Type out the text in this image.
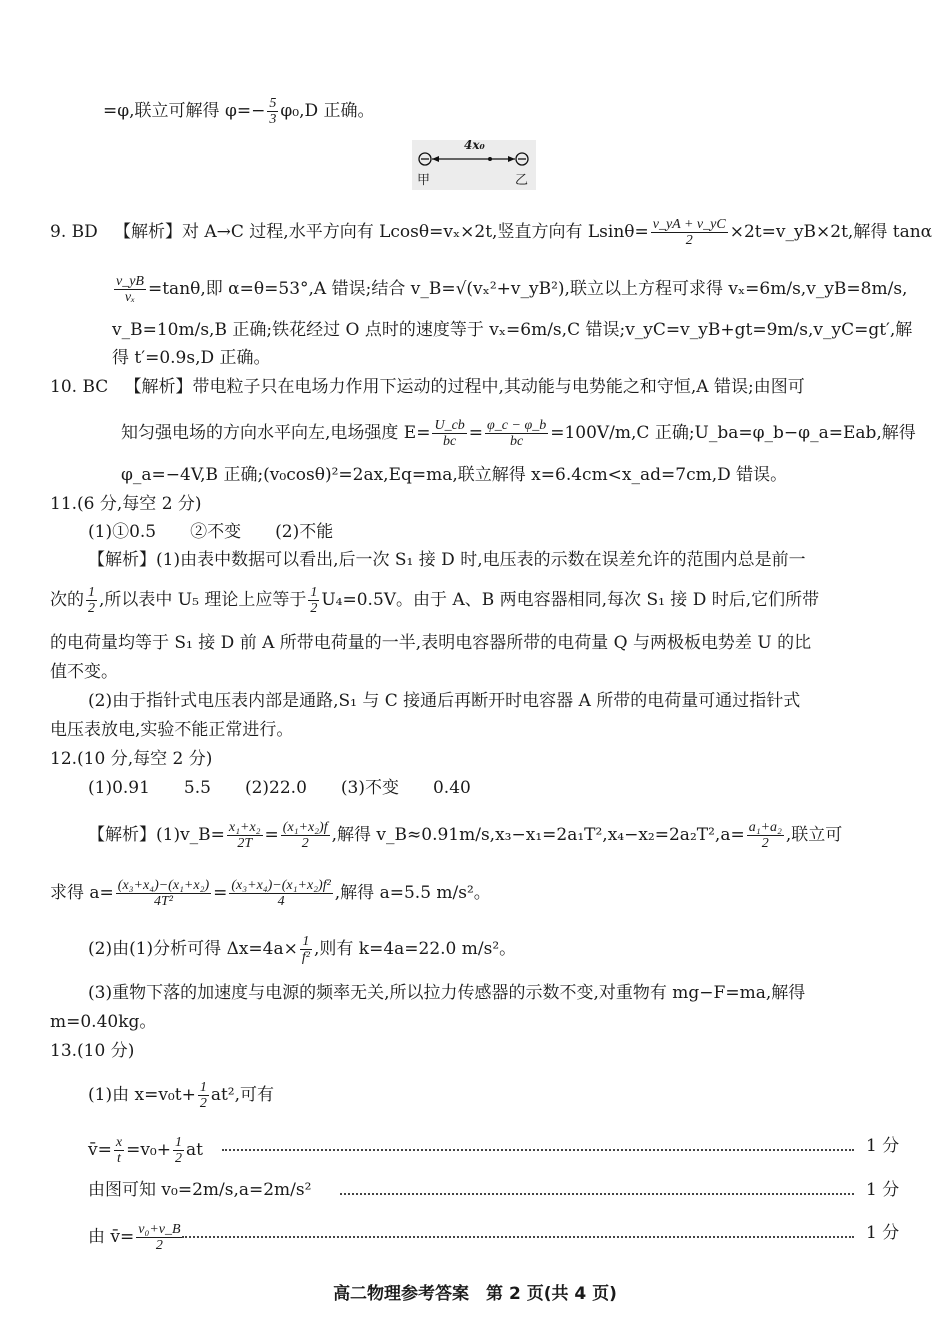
=φ,联立可解得 $\varphi=- \frac{5}{3} \varphi_0,D$ 正确。
4x₀
甲	乙
9. BD 【解析】对 A→C 过程,水平方向有 Lcosθ=vₓ×2t,竖直方向有 $Lsin\theta= \frac{v\_yA + v\_yC}{2}$ ×2t=v_yB×2t,解得 tanα
$\frac{v\_yB}{\text{vₓ}} =\tan\theta$,即 α=θ=53°,A 错误;结合 v_B=√(vₓ²+v_yB²),联立以上方程可求得 vₓ=6m/s,v_yB=8m/s,
v_B=10m/s,B 正确;铁花经过 O 点时的速度等于 vₓ=6m/s,C 错误;v_yC=v_yB+gt=9m/s,v_yC=gt′,解
得 t′=0.9s,D 正确。
10. BC 【解析】带电粒子只在电场力作用下运动的过程中,其动能与电势能之和守恒,A 错误;由图可
知匀强电场的方向水平向左,电场强度 $E= \frac{U\_cb}{bc} = \frac{\varphi\_c - \varphi\_b}{bc} =100V/m,C$ 正确;U_ba=φ_b−φ_a=Eab,解得
φ_a=−4V,B 正确;(v₀cosθ)²=2ax,Eq=ma,联立解得 x=6.4cm<x_ad=7cm,D 错误。
11.(6 分,每空 2 分)
(1)①0.5　　②不变　　(2)不能
【解析】(1)由表中数据可以看出,后一次 S₁ 接 D 时,电压表的示数在误差允许的范围内总是前一
次的 $\frac{1}{2}$ ,所以表中 U₅ 理论上应等于 $\frac{1}{2} U_4=0.5V$。由于 A、B 两电容器相同,每次 S₁ 接 D 时后,它们所带
的电荷量均等于 S₁ 接 D 前 A 所带电荷量的一半,表明电容器所带的电荷量 Q 与两极板电势差 U 的比
值不变。
(2)由于指针式电压表内部是通路,S₁ 与 C 接通后再断开时电容器 A 所带的电荷量可通过指针式
电压表放电,实验不能正常进行。
12.(10 分,每空 2 分)
(1)0.91　　5.5　　(2)22.0　　(3)不变　　0.40
【解析】(1)v_B= $\frac{\text{x₁+x₂}}{2T} = \frac{\text{(x₁+x₂)f}}{2}$ ,解得 v_B≈0.91m/s,x₃−x₁=2a₁T²,x₄−x₂=2a₂T²,a= $\frac{\text{a₁+a₂}}{2}$ ,联立可
求得 $a= \frac{\text{(x₃+x₄)−(x₁+x₂)}}{\text{4T²}} = \frac{\text{(x₃+x₄)−(x₁+x₂)f²}}{4}$ ,解得 a=5.5 m/s²。
(2)由(1)分析可得 $\Delta x=4a\times \frac{1}{\text{f²}}$ ,则有 k=4a=22.0 m/s²。
(3)重物下落的加速度与电源的频率无关,所以拉力传感器的示数不变,对重物有 mg−F=ma,解得
m=0.40kg。
13.(10 分)
(1)由 $x=v_0t+ \frac{1}{2} at^2$,可有
v̄= $\frac{x}{t} =v_0+ \frac{1}{2}$ at	1 分
由图可知 v₀=2m/s,a=2m/s²	1 分
由 v̄= $\frac{\text{v₀+v\_B}}{2}$	1 分
高二物理参考答案　第 2 页(共 4 页)
